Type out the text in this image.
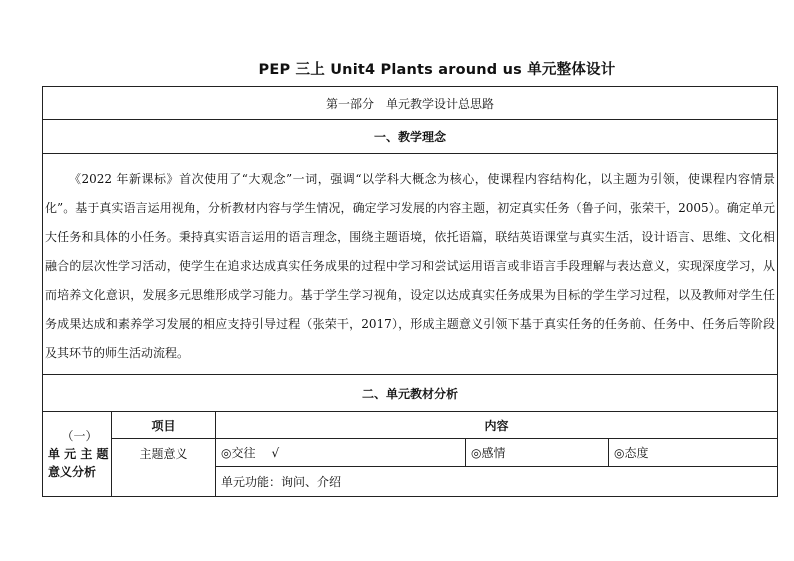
PEP 三上 Unit4 Plants around us 单元整体设计
第一部分　单元教学设计总思路				
一、教学理念				

《2022 年新课标》首次使用了“大观念”一词，强调“以学科大概念为核心，使课程内容结构化，以主题为引领，使课程内容情景化”。基于真实语言运用视角，分析教材内容与学生情况，确定学习发展的内容主题，初定真实任务（鲁子问，张荣干，2005）。确定单元大任务和具体的小任务。秉持真实语言运用的语言理念，围绕主题语境，依托语篇，联结英语课堂与真实生活，设计语言、思维、文化相融合的层次性学习活动，使学生在追求达成真实任务成果的过程中学习和尝试运用语言或非语言手段理解与表达意义，实现深度学习，从而培养文化意识，发展多元思维形成学习能力。基于学生学习视角，设定以达成真实任务成果为目标的学生学习过程，以及教师对学生任务成果达成和素养学习发展的相应支持引导过程（张荣干，2017），形成主题意义引领下基于真实任务的任务前、任务中、任务后等阶段及其环节的师生活动流程。				

二、单元教材分析				

（一）
单 元 主 题
意义分析	项目	内容		
	主题意义	◎交往 √	◎感情	◎态度
		单元功能：询问、介绍		
